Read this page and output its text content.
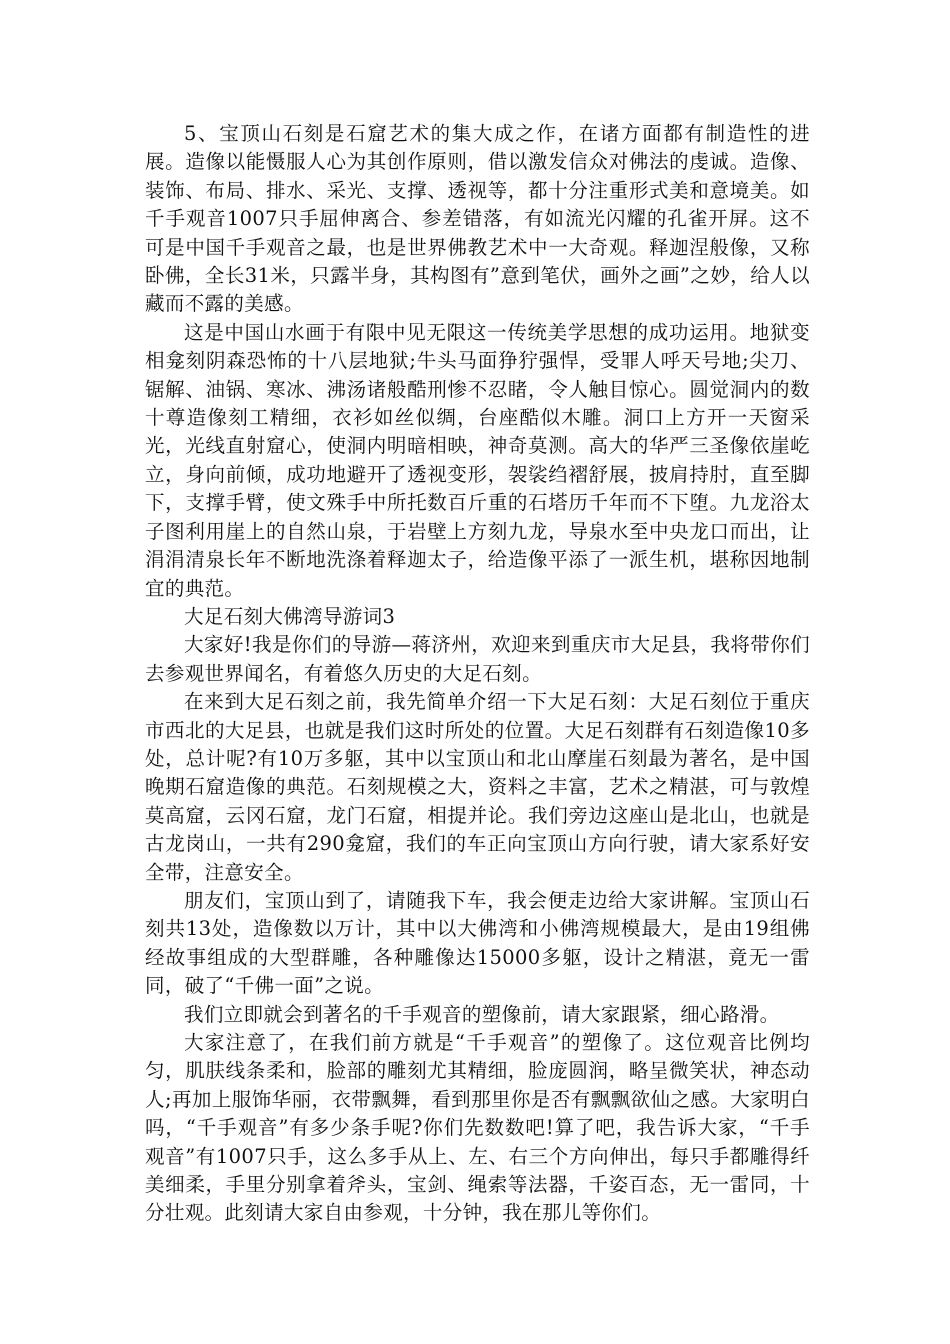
5、宝顶山石刻是石窟艺术的集大成之作，在诸方面都有制造性的进展。造像以能慑服人心为其创作原则，借以激发信众对佛法的虔诚。造像、装饰、布局、排水、采光、支撑、透视等，都十分注重形式美和意境美。如千手观音1007只手屈伸离合、参差错落，有如流光闪耀的孔雀开屏。这不可是中国千手观音之最，也是世界佛教艺术中一大奇观。释迦涅般像，又称卧佛，全长31米，只露半身，其构图有”意到笔伏，画外之画”之妙，给人以藏而不露的美感。

这是中国山水画于有限中见无限这一传统美学思想的成功运用。地狱变相龛刻阴森恐怖的十八层地狱;牛头马面狰狞强悍，受罪人呼天号地;尖刀、锯解、油锅、寒冰、沸汤诸般酷刑惨不忍睹，令人触目惊心。圆觉洞内的数十尊造像刻工精细，衣衫如丝似绸，台座酷似木雕。洞口上方开一天窗采光，光线直射窟心，使洞内明暗相映，神奇莫测。高大的华严三圣像依崖屹立，身向前倾，成功地避开了透视变形，袈裟绉褶舒展，披肩持肘，直至脚下，支撑手臂，使文殊手中所托数百斤重的石塔历千年而不下堕。九龙浴太子图利用崖上的自然山泉，于岩壁上方刻九龙，导泉水至中央龙口而出，让涓涓清泉长年不断地洗涤着释迦太子，给造像平添了一派生机，堪称因地制宜的典范。

大足石刻大佛湾导游词3

大家好!我是你们的导游—蒋济州，欢迎来到重庆市大足县，我将带你们去参观世界闻名，有着悠久历史的大足石刻。

在来到大足石刻之前，我先简单介绍一下大足石刻：大足石刻位于重庆市西北的大足县，也就是我们这时所处的位置。大足石刻群有石刻造像10多处，总计呢?有10万多躯，其中以宝顶山和北山摩崖石刻最为著名，是中国晚期石窟造像的典范。石刻规模之大，资料之丰富，艺术之精湛，可与敦煌莫高窟，云冈石窟，龙门石窟，相提并论。我们旁边这座山是北山，也就是古龙岗山，一共有290龛窟，我们的车正向宝顶山方向行驶，请大家系好安全带，注意安全。

朋友们，宝顶山到了，请随我下车，我会便走边给大家讲解。宝顶山石刻共13处，造像数以万计，其中以大佛湾和小佛湾规模最大，是由19组佛经故事组成的大型群雕，各种雕像达15000多躯，设计之精湛，竟无一雷同，破了“千佛一面”之说。

我们立即就会到著名的千手观音的塑像前，请大家跟紧，细心路滑。

大家注意了，在我们前方就是“千手观音”的塑像了。这位观音比例均匀，肌肤线条柔和，脸部的雕刻尤其精细，脸庞圆润，略呈微笑状，神态动人;再加上服饰华丽，衣带飘舞，看到那里你是否有飘飘欲仙之感。大家明白吗，“千手观音”有多少条手呢?你们先数数吧!算了吧，我告诉大家，“千手观音”有1007只手，这么多手从上、左、右三个方向伸出，每只手都雕得纤美细柔，手里分别拿着斧头，宝剑、绳索等法器，千姿百态，无一雷同，十分壮观。此刻请大家自由参观，十分钟，我在那儿等你们。
